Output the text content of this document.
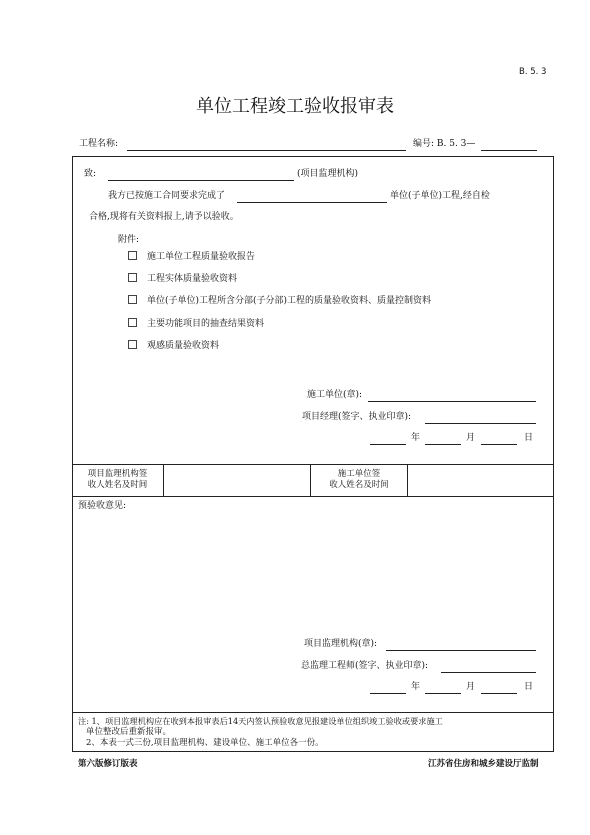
B. 5. 3
单位工程竣工验收报审表
工程名称:	编号: B. 5. 3—
致:	(项目监理机构)
我方已按施工合同要求完成了	单位(子单位)工程,经自检
合格,现将有关资料报上,请予以验收。
附件:
施工单位工程质量验收报告
工程实体质量验收资料
单位(子单位)工程所含分部(子分部)工程的质量验收资料、质量控制资料
主要功能项目的抽查结果资料
观感质量验收资料
施工单位(章):
项目经理(签字、执业印章):
年	月	日
项目监理机构签
收人姓名及时间
施工单位签
收人姓名及时间
预验收意见:
项目监理机构(章):
总监理工程师(签字、执业印章):
年	月	日
注: 1、项目监理机构应在收到本报审表后14天内签认预验收意见报建设单位组织竣工验收或要求施工
单位整改后重新报审。
2、本表一式三份,项目监理机构、建设单位、施工单位各一份。
第六版修订版表	江苏省住房和城乡建设厅监制
